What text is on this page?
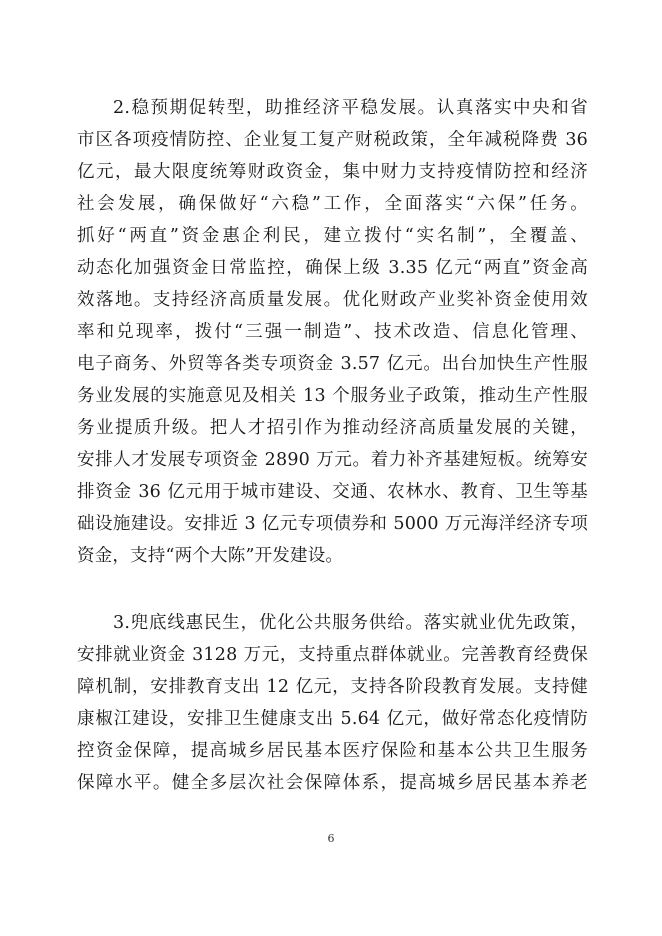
2.稳预期促转型，助推经济平稳发展。认真落实中央和省
市区各项疫情防控、企业复工复产财税政策，全年减税降费 36
亿元，最大限度统筹财政资金，集中财力支持疫情防控和经济
社会发展，确保做好“六稳”工作，全面落实“六保”任务。
抓好“两直”资金惠企利民，建立拨付“实名制”，全覆盖、
动态化加强资金日常监控，确保上级 3.35 亿元“两直”资金高
效落地。支持经济高质量发展。优化财政产业奖补资金使用效
率和兑现率，拨付“三强一制造”、技术改造、信息化管理、
电子商务、外贸等各类专项资金 3.57 亿元。出台加快生产性服
务业发展的实施意见及相关 13 个服务业子政策，推动生产性服
务业提质升级。把人才招引作为推动经济高质量发展的关键，
安排人才发展专项资金 2890 万元。着力补齐基建短板。统筹安
排资金 36 亿元用于城市建设、交通、农林水、教育、卫生等基
础设施建设。安排近 3 亿元专项债券和 5000 万元海洋经济专项
资金，支持“两个大陈”开发建设。
3.兜底线惠民生，优化公共服务供给。落实就业优先政策，
安排就业资金 3128 万元，支持重点群体就业。完善教育经费保
障机制，安排教育支出 12 亿元，支持各阶段教育发展。支持健
康椒江建设，安排卫生健康支出 5.64 亿元，做好常态化疫情防
控资金保障，提高城乡居民基本医疗保险和基本公共卫生服务
保障水平。健全多层次社会保障体系，提高城乡居民基本养老
6
